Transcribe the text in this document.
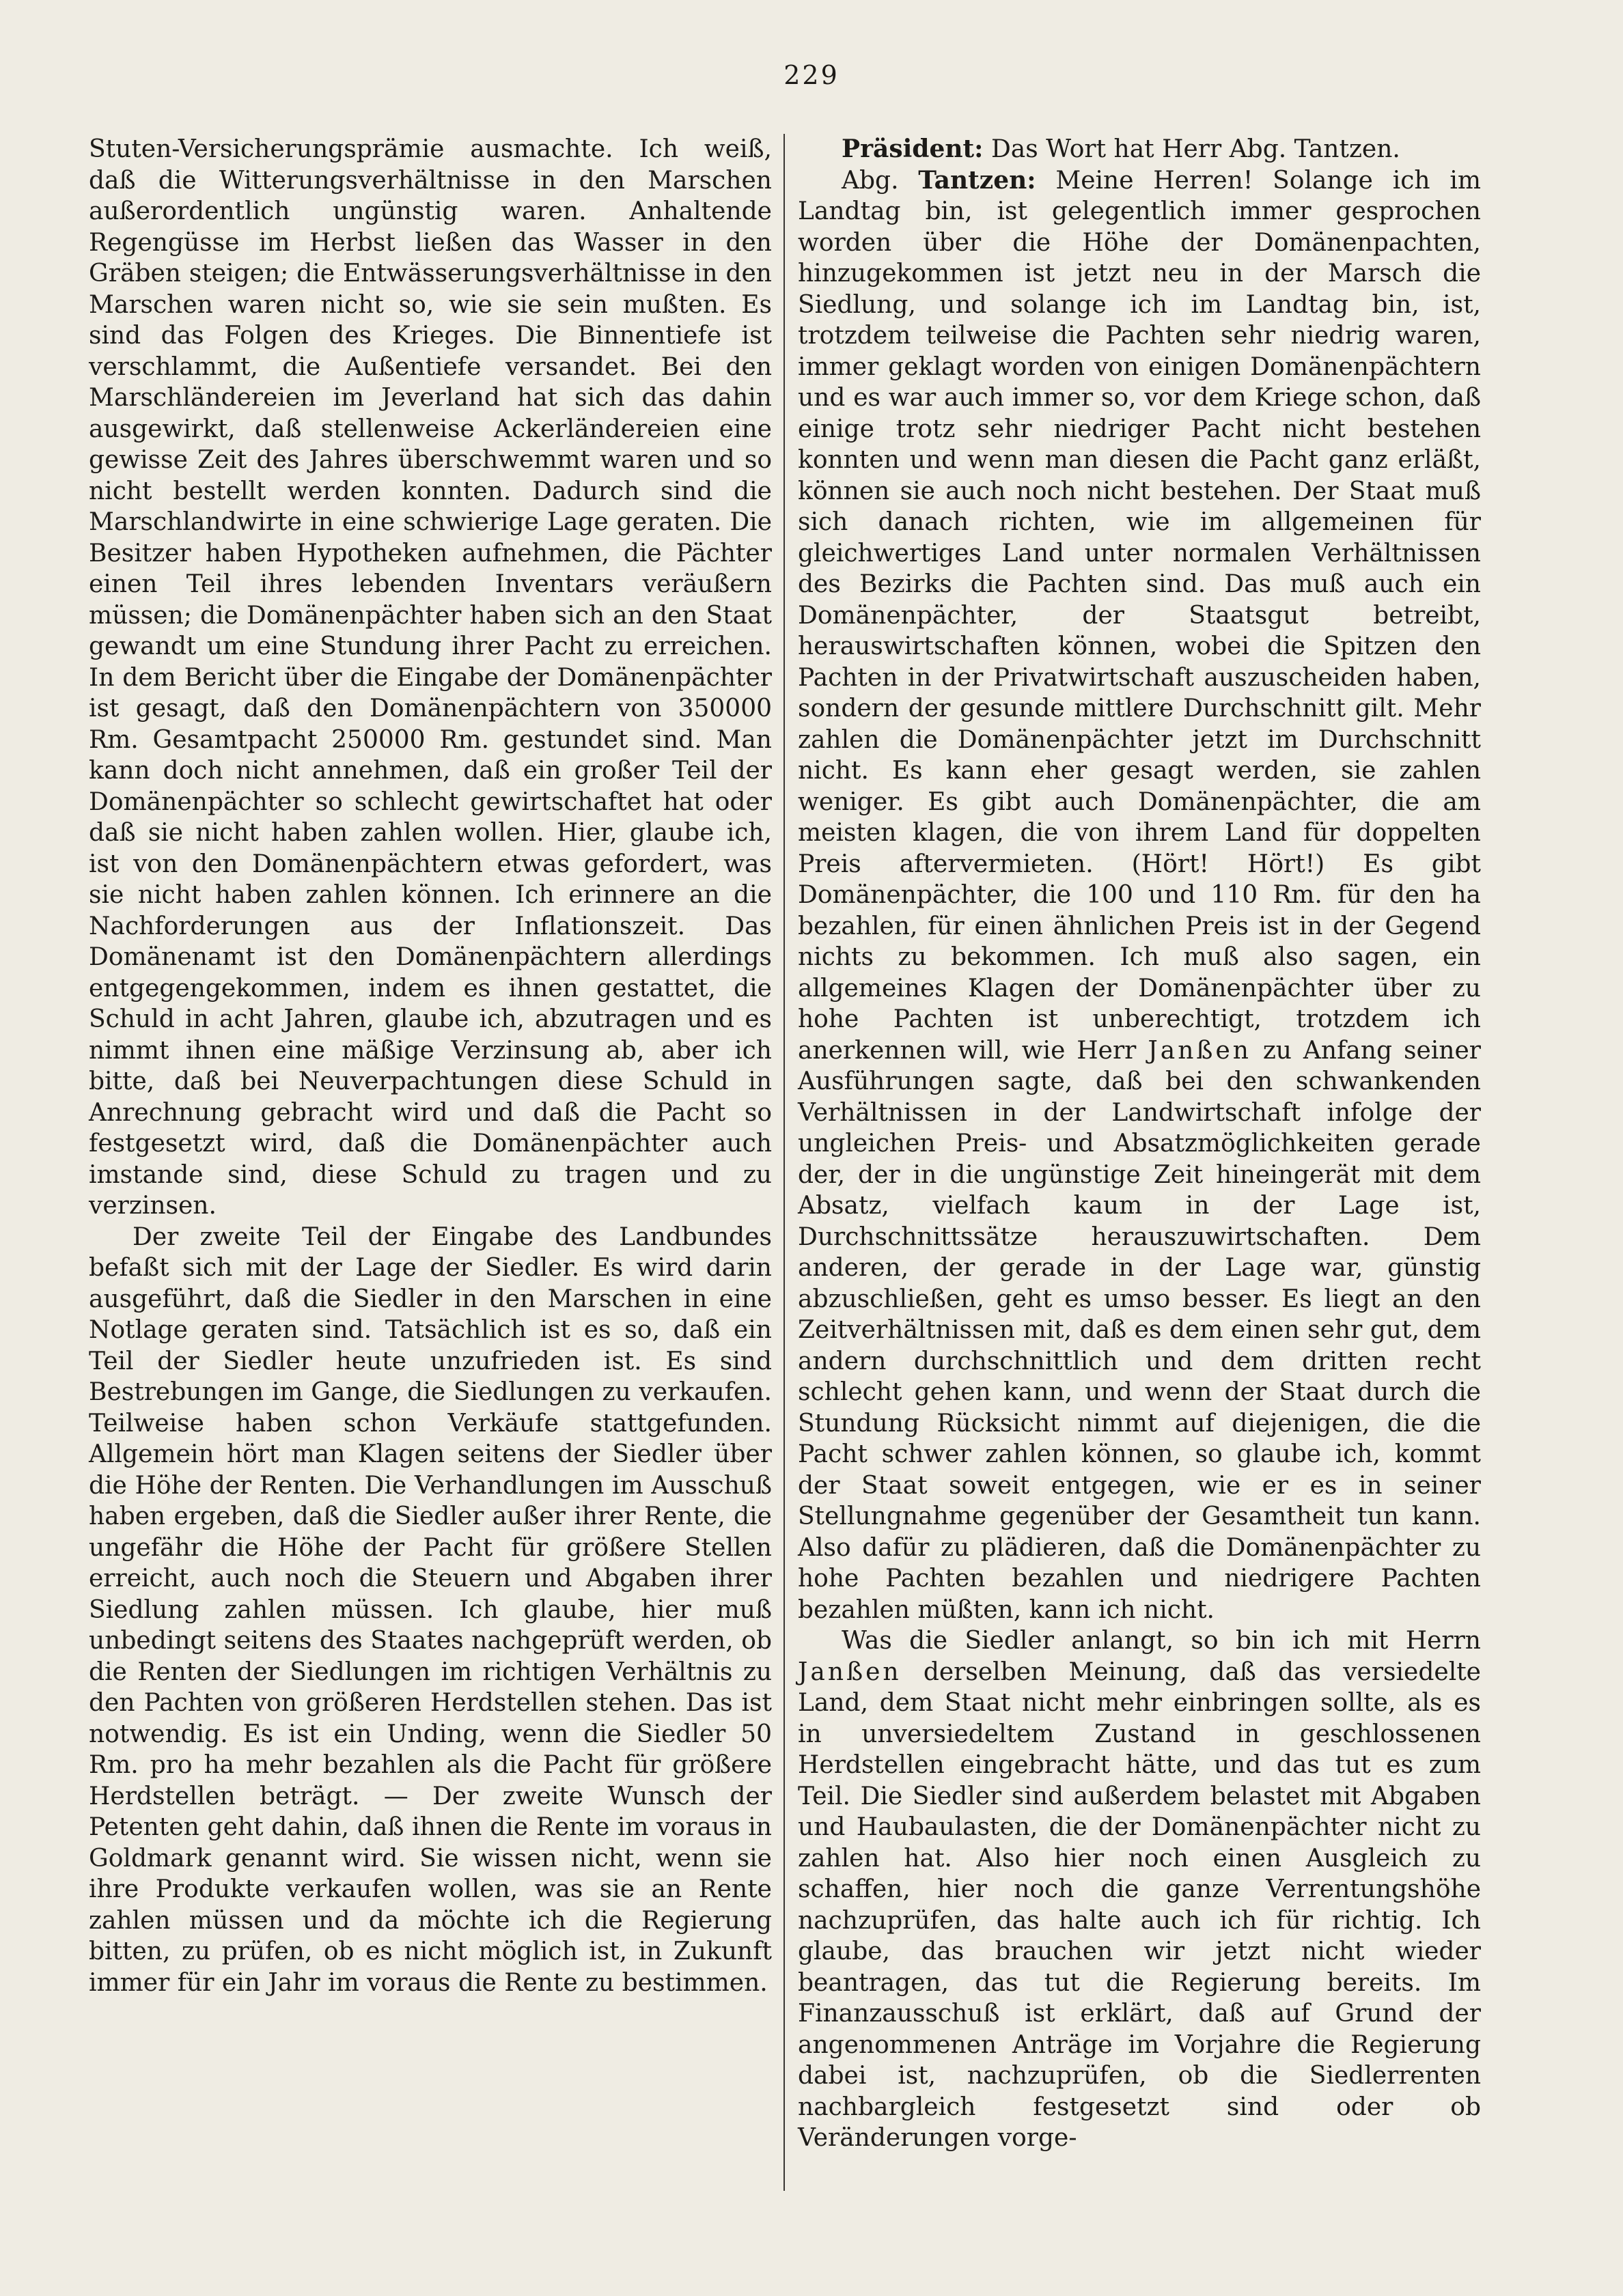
229

Stuten-Versicherungsprämie ausmachte. Ich weiß, daß die Witterungsverhältnisse in den Marschen außerordentlich ungünstig waren. Anhaltende Regengüsse im Herbst ließen das Wasser in den Gräben steigen; die Entwässerungsverhältnisse in den Marschen waren nicht so, wie sie sein mußten. Es sind das Folgen des Krieges. Die Binnentiefe ist verschlammt, die Außentiefe versandet. Bei den Marschländereien im Jeverland hat sich das dahin ausgewirkt, daß stellenweise Ackerländereien eine gewisse Zeit des Jahres überschwemmt waren und so nicht bestellt werden konnten. Dadurch sind die Marschlandwirte in eine schwierige Lage geraten. Die Besitzer haben Hypotheken aufnehmen, die Pächter einen Teil ihres lebenden Inventars veräußern müssen; die Domänenpächter haben sich an den Staat gewandt um eine Stundung ihrer Pacht zu erreichen. In dem Bericht über die Eingabe der Domänenpächter ist gesagt, daß den Domänenpächtern von 350000 Rm. Gesamtpacht 250000 Rm. gestundet sind. Man kann doch nicht annehmen, daß ein großer Teil der Domänenpächter so schlecht gewirtschaftet hat oder daß sie nicht haben zahlen wollen. Hier, glaube ich, ist von den Domänenpächtern etwas gefordert, was sie nicht haben zahlen können. Ich erinnere an die Nachforderungen aus der Inflationszeit. Das Domänenamt ist den Domänenpächtern allerdings entgegengekommen, indem es ihnen gestattet, die Schuld in acht Jahren, glaube ich, abzutragen und es nimmt ihnen eine mäßige Verzinsung ab, aber ich bitte, daß bei Neuverpachtungen diese Schuld in Anrechnung gebracht wird und daß die Pacht so festgesetzt wird, daß die Domänenpächter auch imstande sind, diese Schuld zu tragen und zu verzinsen.

Der zweite Teil der Eingabe des Landbundes befaßt sich mit der Lage der Siedler. Es wird darin ausgeführt, daß die Siedler in den Marschen in eine Notlage geraten sind. Tatsächlich ist es so, daß ein Teil der Siedler heute unzufrieden ist. Es sind Bestrebungen im Gange, die Siedlungen zu verkaufen. Teilweise haben schon Verkäufe stattgefunden. Allgemein hört man Klagen seitens der Siedler über die Höhe der Renten. Die Verhandlungen im Ausschuß haben ergeben, daß die Siedler außer ihrer Rente, die ungefähr die Höhe der Pacht für größere Stellen erreicht, auch noch die Steuern und Abgaben ihrer Siedlung zahlen müssen. Ich glaube, hier muß unbedingt seitens des Staates nachgeprüft werden, ob die Renten der Siedlungen im richtigen Verhältnis zu den Pachten von größeren Herdstellen stehen. Das ist notwendig. Es ist ein Unding, wenn die Siedler 50 Rm. pro ha mehr bezahlen als die Pacht für größere Herdstellen beträgt. — Der zweite Wunsch der Petenten geht dahin, daß ihnen die Rente im voraus in Goldmark genannt wird. Sie wissen nicht, wenn sie ihre Produkte verkaufen wollen, was sie an Rente zahlen müssen und da möchte ich die Regierung bitten, zu prüfen, ob es nicht möglich ist, in Zukunft immer für ein Jahr im voraus die Rente zu bestimmen.

Präsident: Das Wort hat Herr Abg. Tantzen.

Abg. Tantzen: Meine Herren! Solange ich im Landtag bin, ist gelegentlich immer gesprochen worden über die Höhe der Domänenpachten, hinzugekommen ist jetzt neu in der Marsch die Siedlung, und solange ich im Landtag bin, ist, trotzdem teilweise die Pachten sehr niedrig waren, immer geklagt worden von einigen Domänenpächtern und es war auch immer so, vor dem Kriege schon, daß einige trotz sehr niedriger Pacht nicht bestehen konnten und wenn man diesen die Pacht ganz erläßt, können sie auch noch nicht bestehen. Der Staat muß sich danach richten, wie im allgemeinen für gleichwertiges Land unter normalen Verhältnissen des Bezirks die Pachten sind. Das muß auch ein Domänenpächter, der Staatsgut betreibt, herauswirtschaften können, wobei die Spitzen den Pachten in der Privatwirtschaft auszuscheiden haben, sondern der gesunde mittlere Durchschnitt gilt. Mehr zahlen die Domänenpächter jetzt im Durchschnitt nicht. Es kann eher gesagt werden, sie zahlen weniger. Es gibt auch Domänenpächter, die am meisten klagen, die von ihrem Land für doppelten Preis aftervermieten. (Hört! Hört!) Es gibt Domänenpächter, die 100 und 110 Rm. für den ha bezahlen, für einen ähnlichen Preis ist in der Gegend nichts zu bekommen. Ich muß also sagen, ein allgemeines Klagen der Domänenpächter über zu hohe Pachten ist unberechtigt, trotzdem ich anerkennen will, wie Herr Janßen zu Anfang seiner Ausführungen sagte, daß bei den schwankenden Verhältnissen in der Landwirtschaft infolge der ungleichen Preis- und Absatzmöglichkeiten gerade der, der in die ungünstige Zeit hineingerät mit dem Absatz, vielfach kaum in der Lage ist, Durchschnittssätze herauszuwirtschaften. Dem anderen, der gerade in der Lage war, günstig abzuschließen, geht es umso besser. Es liegt an den Zeitverhältnissen mit, daß es dem einen sehr gut, dem andern durchschnittlich und dem dritten recht schlecht gehen kann, und wenn der Staat durch die Stundung Rücksicht nimmt auf diejenigen, die die Pacht schwer zahlen können, so glaube ich, kommt der Staat soweit entgegen, wie er es in seiner Stellungnahme gegenüber der Gesamtheit tun kann. Also dafür zu plädieren, daß die Domänenpächter zu hohe Pachten bezahlen und niedrigere Pachten bezahlen müßten, kann ich nicht.

Was die Siedler anlangt, so bin ich mit Herrn Janßen derselben Meinung, daß das versiedelte Land, dem Staat nicht mehr einbringen sollte, als es in unversiedeltem Zustand in geschlossenen Herdstellen eingebracht hätte, und das tut es zum Teil. Die Siedler sind außerdem belastet mit Abgaben und Haubaulasten, die der Domänenpächter nicht zu zahlen hat. Also hier noch einen Ausgleich zu schaffen, hier noch die ganze Verrentungshöhe nachzuprüfen, das halte auch ich für richtig. Ich glaube, das brauchen wir jetzt nicht wieder beantragen, das tut die Regierung bereits. Im Finanzausschuß ist erklärt, daß auf Grund der angenommenen Anträge im Vorjahre die Regierung dabei ist, nachzuprüfen, ob die Siedlerrenten nachbargleich festgesetzt sind oder ob Veränderungen vorge-
